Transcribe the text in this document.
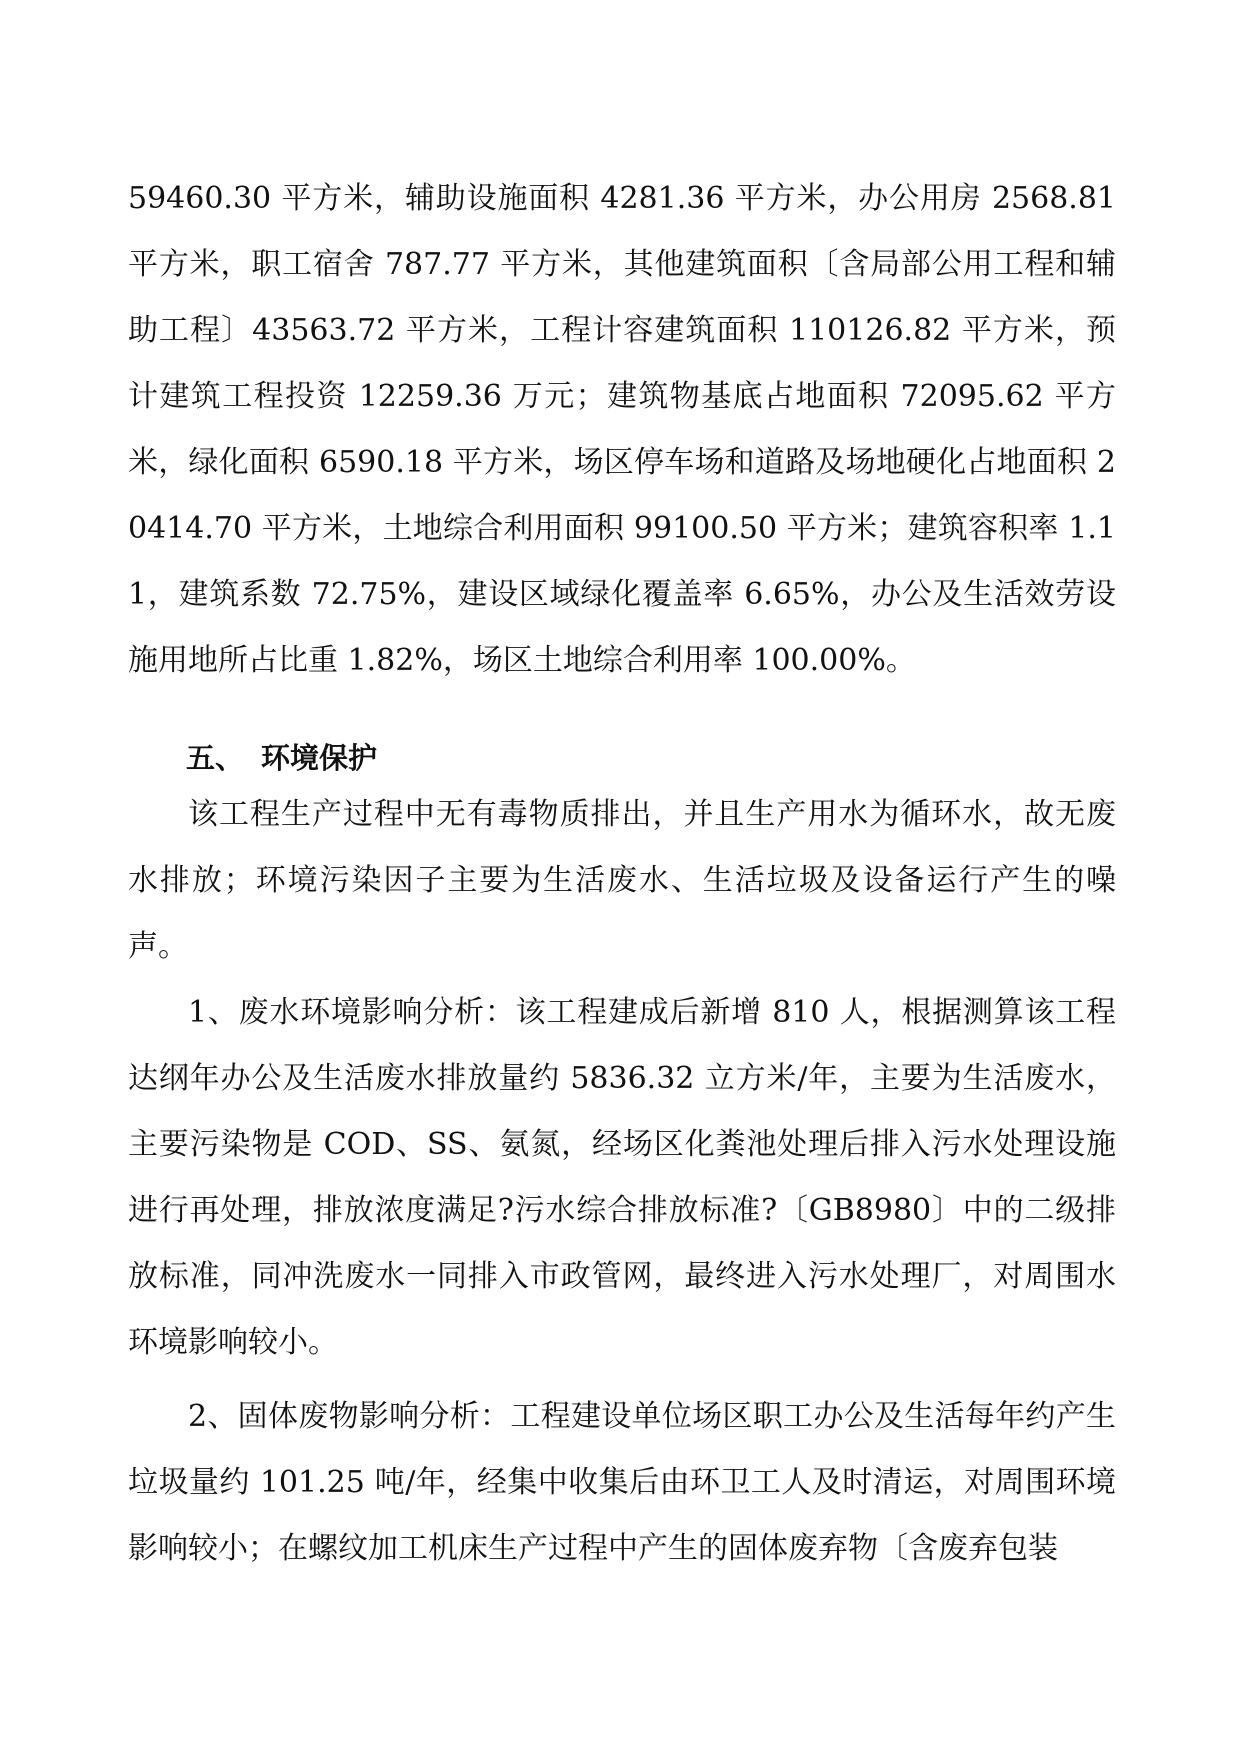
59460.30 平方米，辅助设施面积 4281.36 平方米，办公用房 2568.81 平方米，职工宿舍 787.77 平方米，其他建筑面积〔含局部公用工程和辅助工程〕43563.72 平方米，工程计容建筑面积 110126.82 平方米，预计建筑工程投资 12259.36 万元；建筑物基底占地面积 72095.62 平方米，绿化面积 6590.18 平方米，场区停车场和道路及场地硬化占地面积 20414.70 平方米，土地综合利用面积 99100.50 平方米；建筑容积率 1.11，建筑系数 72.75%，建设区域绿化覆盖率 6.65%，办公及生活效劳设施用地所占比重 1.82%，场区土地综合利用率 100.00%。

五、 环境保护

该工程生产过程中无有毒物质排出，并且生产用水为循环水，故无废水排放；环境污染因子主要为生活废水、生活垃圾及设备运行产生的噪声。

1、废水环境影响分析：该工程建成后新增 810 人，根据测算该工程达纲年办公及生活废水排放量约 5836.32 立方米/年，主要为生活废水，主要污染物是 COD、SS、氨氮，经场区化粪池处理后排入污水处理设施进行再处理，排放浓度满足?污水综合排放标准?〔GB8980〕中的二级排放标准，同冲洗废水一同排入市政管网，最终进入污水处理厂，对周围水环境影响较小。

2、固体废物影响分析：工程建设单位场区职工办公及生活每年约产生垃圾量约 101.25 吨/年，经集中收集后由环卫工人及时清运，对周围环境影响较小；在螺纹加工机床生产过程中产生的固体废弃物〔含废弃包装
